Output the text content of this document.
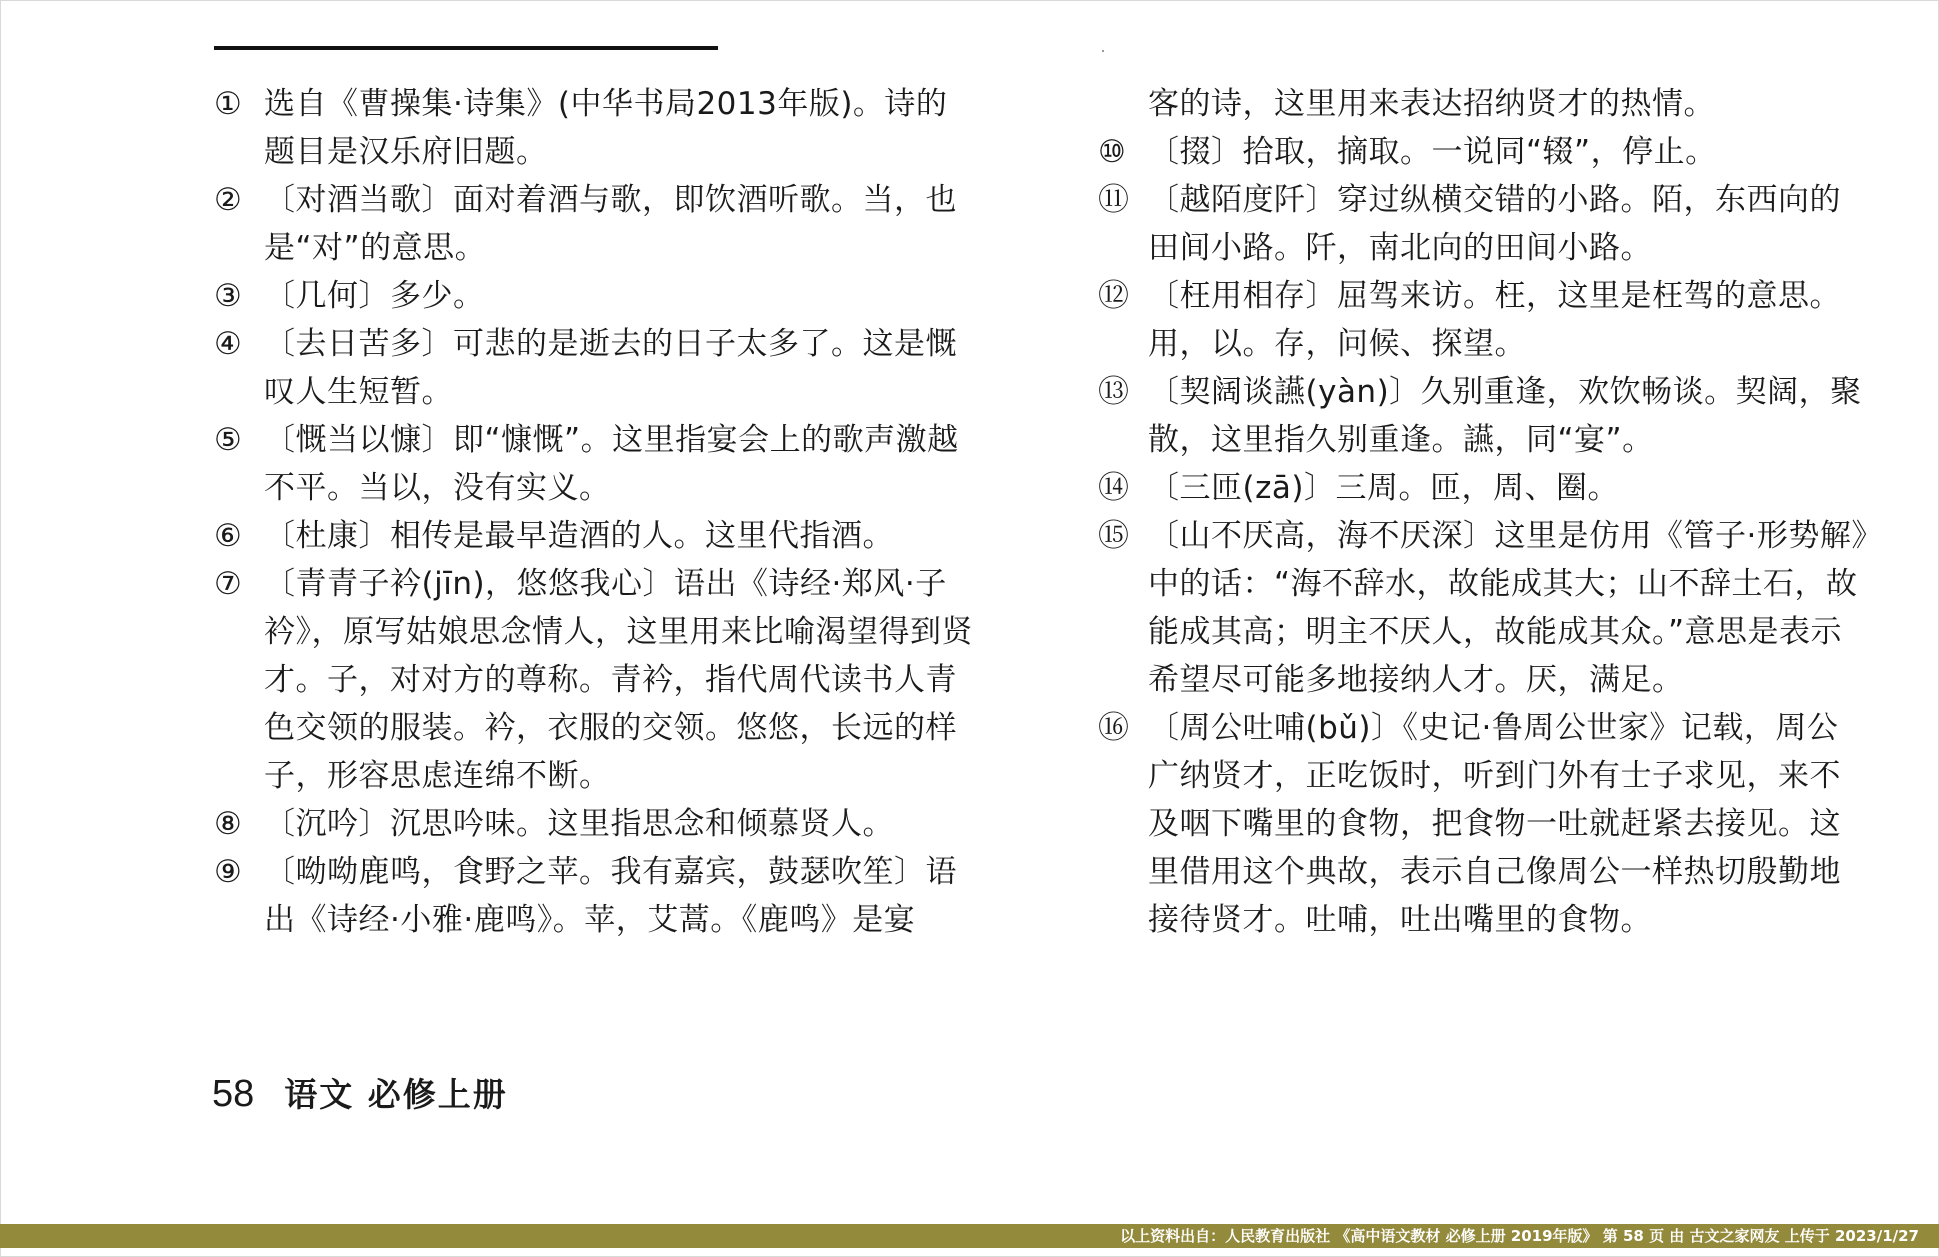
① 选自《曹操集·诗集》(中华书局2013年版)。诗的题目是汉乐府旧题。

② 〔对酒当歌〕面对着酒与歌，即饮酒听歌。当，也是“对”的意思。

③ 〔几何〕多少。

④ 〔去日苦多〕可悲的是逝去的日子太多了。这是慨叹人生短暂。

⑤ 〔慨当以慷〕即“慷慨”。这里指宴会上的歌声激越不平。当以，没有实义。

⑥ 〔杜康〕相传是最早造酒的人。这里代指酒。

⑦ 〔青青子衿(jīn)，悠悠我心〕语出《诗经·郑风·子衿》，原写姑娘思念情人，这里用来比喻渴望得到贤才。子，对对方的尊称。青衿，指代周代读书人青色交领的服装。衿，衣服的交领。悠悠，长远的样子，形容思虑连绵不断。

⑧ 〔沉吟〕沉思吟味。这里指思念和倾慕贤人。

⑨ 〔呦呦鹿鸣，食野之苹。我有嘉宾，鼓瑟吹笙〕语出《诗经·小雅·鹿鸣》。苹，艾蒿。《鹿鸣》是宴

客的诗，这里用来表达招纳贤才的热情。

⑩ 〔掇〕拾取，摘取。一说同“辍”，停止。

⑪ 〔越陌度阡〕穿过纵横交错的小路。陌，东西向的田间小路。阡，南北向的田间小路。

⑫ 〔枉用相存〕屈驾来访。枉，这里是枉驾的意思。用，以。存，问候、探望。

⑬ 〔契阔谈讌(yàn)〕久别重逢，欢饮畅谈。契阔，聚散，这里指久别重逢。讌，同“宴”。

⑭ 〔三匝(zā)〕三周。匝，周、圈。

⑮ 〔山不厌高，海不厌深〕这里是仿用《管子·形势解》中的话：“海不辞水，故能成其大；山不辞土石，故能成其高；明主不厌人，故能成其众。”意思是表示希望尽可能多地接纳人才。厌，满足。

⑯ 〔周公吐哺(bǔ)〕《史记·鲁周公世家》记载，周公广纳贤才，正吃饭时，听到门外有士子求见，来不及咽下嘴里的食物，把食物一吐就赶紧去接见。这里借用这个典故，表示自己像周公一样热切殷勤地接待贤才。吐哺，吐出嘴里的食物。

58 语文 必修上册
以上资料出自：人民教育出版社 《高中语文教材 必修上册 2019年版》 第 58 页 由 古文之家网友 上传于 2023/1/27
